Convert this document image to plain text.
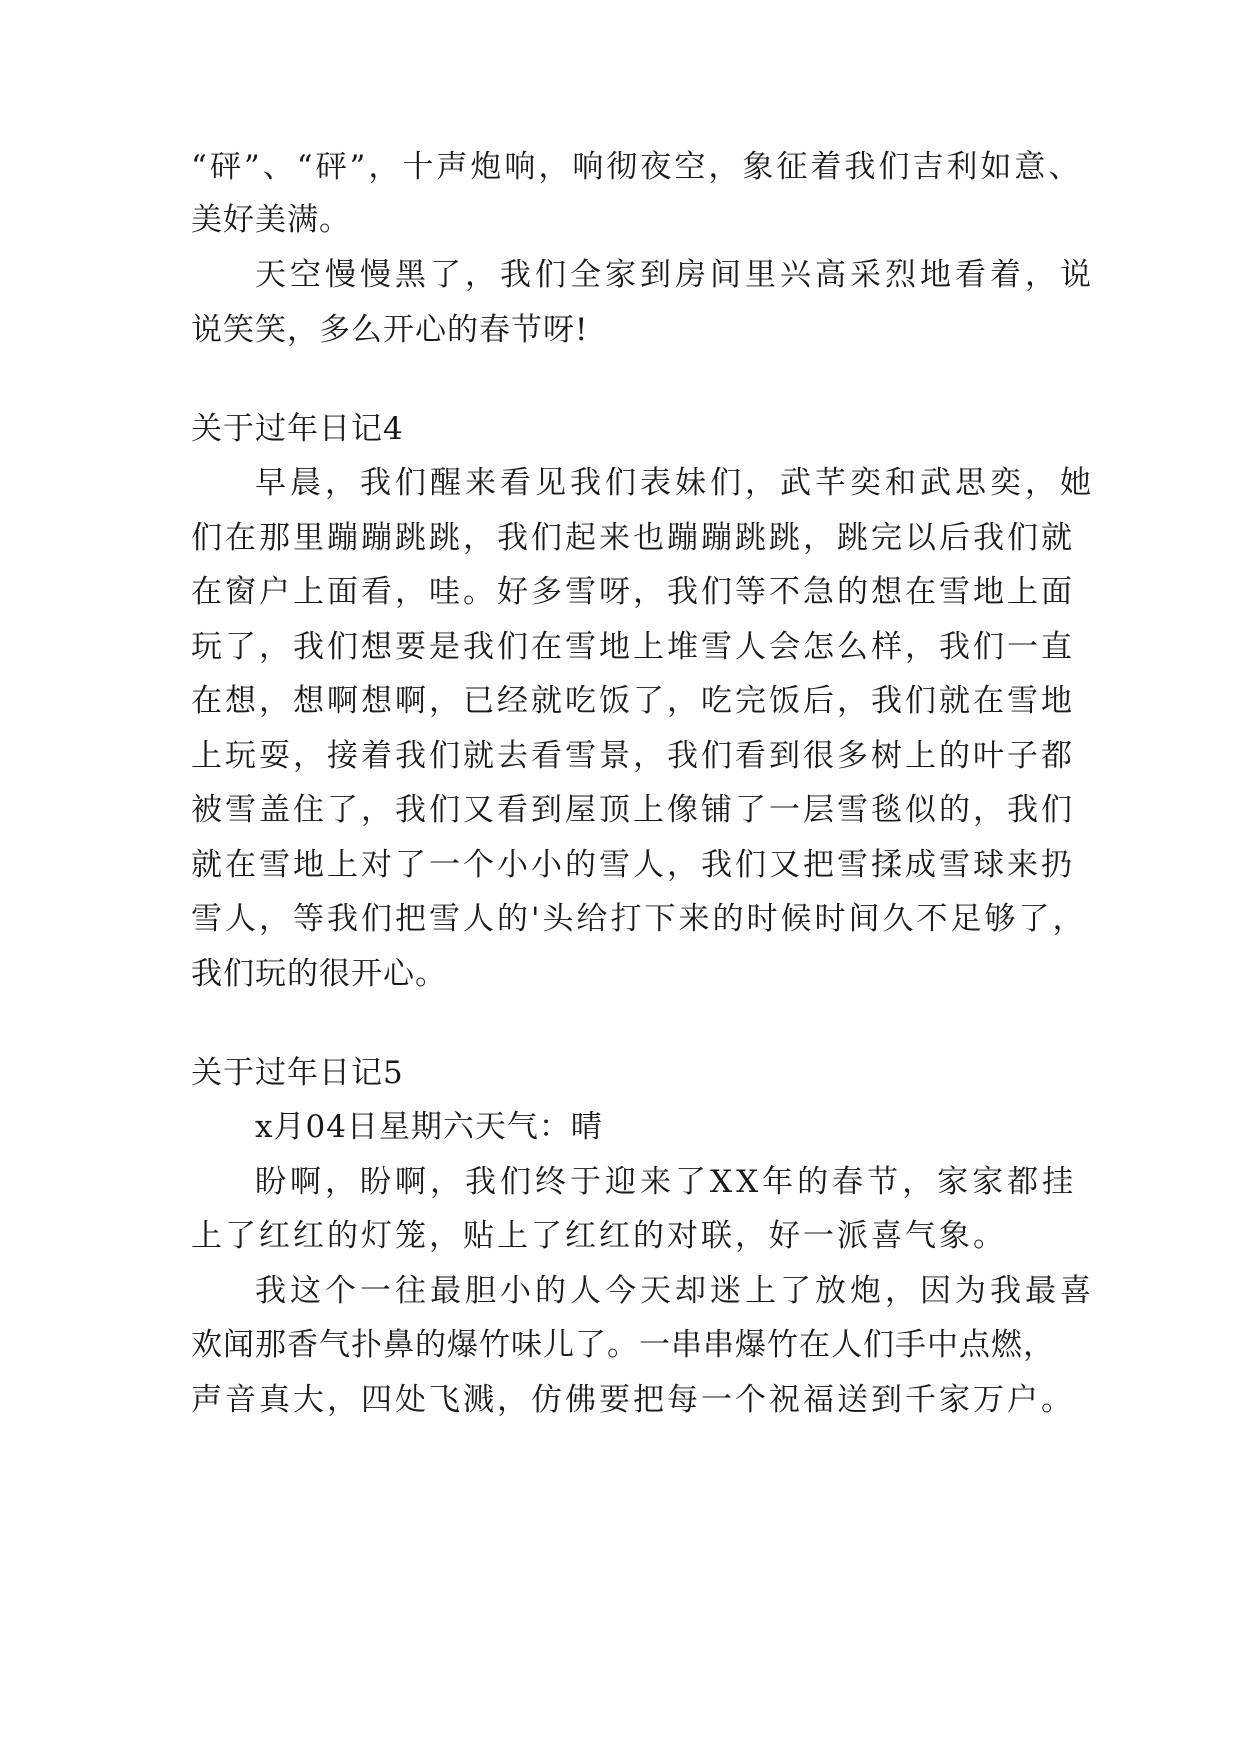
“砰”、“砰”，十声炮响，响彻夜空，象征着我们吉利如意、
美好美满。
天空慢慢黑了，我们全家到房间里兴高采烈地看着，说
说笑笑，多么开心的春节呀!
关于过年日记4
早晨，我们醒来看见我们表妹们，武芊奕和武思奕，她
们在那里蹦蹦跳跳，我们起来也蹦蹦跳跳，跳完以后我们就
在窗户上面看，哇。好多雪呀，我们等不急的想在雪地上面
玩了，我们想要是我们在雪地上堆雪人会怎么样，我们一直
在想，想啊想啊，已经就吃饭了，吃完饭后，我们就在雪地
上玩耍，接着我们就去看雪景，我们看到很多树上的叶子都
被雪盖住了，我们又看到屋顶上像铺了一层雪毯似的，我们
就在雪地上对了一个小小的雪人，我们又把雪揉成雪球来扔
雪人，等我们把雪人的'头给打下来的时候时间久不足够了，
我们玩的很开心。
关于过年日记5
x月04日星期六天气：晴
盼啊，盼啊，我们终于迎来了XX年的春节，家家都挂
上了红红的灯笼，贴上了红红的对联，好一派喜气象。
我这个一往最胆小的人今天却迷上了放炮，因为我最喜
欢闻那香气扑鼻的爆竹味儿了。一串串爆竹在人们手中点燃，
声音真大，四处飞溅，仿佛要把每一个祝福送到千家万户。
